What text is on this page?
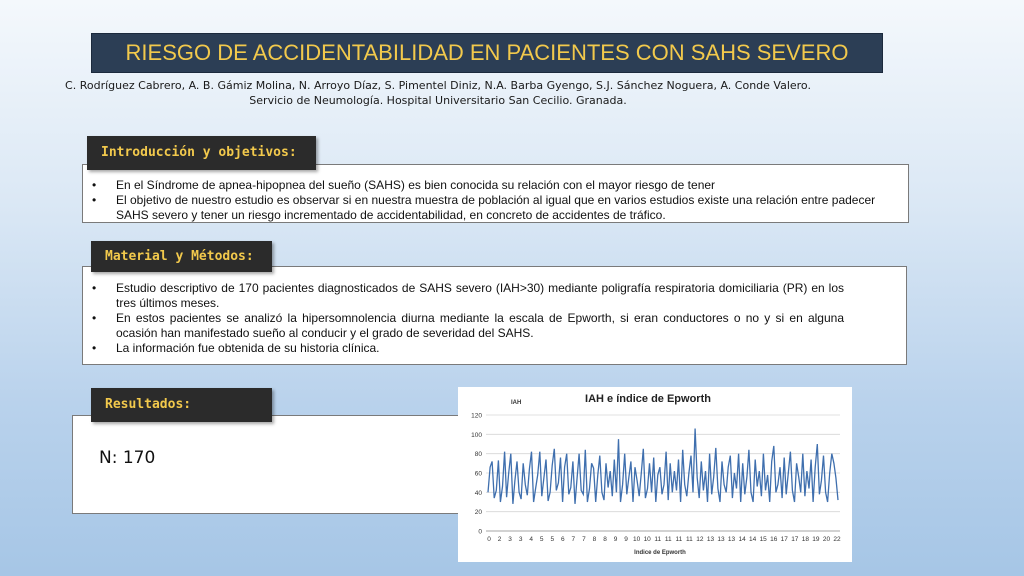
RIESGO DE ACCIDENTABILIDAD EN PACIENTES CON SAHS SEVERO
C. Rodríguez Cabrero, A. B. Gámiz Molina, N. Arroyo Díaz, S. Pimentel Diniz, N.A. Barba Gyengo, S.J. Sánchez Noguera, A. Conde Valero.
Servicio de Neumología. Hospital Universitario San Cecilio. Granada.
• En el Síndrome de apnea-hipopnea del sueño (SAHS) es bien conocida su relación con el mayor riesgo de tener
• El objetivo de nuestro estudio es observar si en nuestra muestra de población al igual que en varios estudios existe una relación entre padecer SAHS severo y tener un riesgo incrementado de accidentabilidad, en concreto de accidentes de tráfico.
Introducción y objetivos:
• Estudio descriptivo de 170 pacientes diagnosticados de SAHS severo (IAH>30) mediante poligrafía respiratoria domiciliaria (PR) en los tres últimos meses.
• En estos pacientes se analizó la hipersomnolencia diurna mediante la escala de Epworth, si eran conductores o no y si en alguna ocasión han manifestado sueño al conducir y el grado de severidad del SAHS.
• La información fue obtenida de su historia clínica.
Material y Métodos:
Resultados:
N: 170
IAH e índice de Epworth
IAH
Indice de Epworth
0
20
40
60
80
100
120
0 2 3 3 4 5 5 6 7 7 8 8 9 9 10 10 11 11 11 11 12 13 13 13 14 14 15 16 17 17 18 19 20 22
